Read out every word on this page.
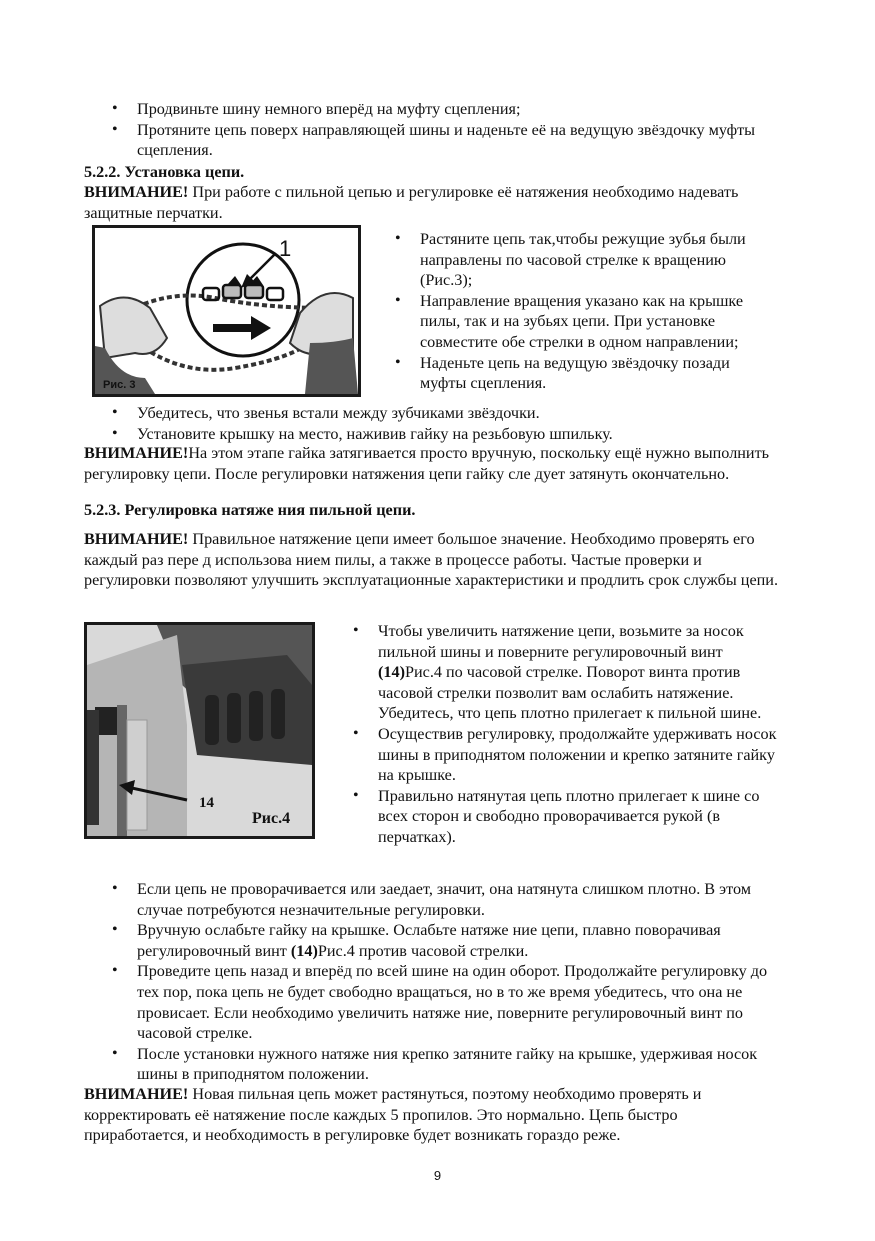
• Продвиньте шину немного вперёд на муфту сцепления;
• Протяните цепь поверх направляющей шины и наденьте её на ведущую звёздочку муфты сцепления.
5.2.2. Установка цепи.
ВНИМАНИЕ! При работе с пильной цепью и регулировке её натяжения необходимо надевать защитные перчатки.
1
Рис. 3
• Растяните цепь так,чтобы режущие зубья были направлены по часовой стрелке к вращению (Рис.3);
• Направление вращения указано как на крышке пилы, так и на зубьях цепи. При установке совместите обе стрелки в одном направлении;
• Наденьте цепь на ведущую звёздочку позади муфты сцепления.
• Убедитесь, что звенья встали между зубчиками звёздочки.
• Установите крышку на место, наживив гайку на резьбовую шпильку.
ВНИМАНИЕ!На этом этапе гайка затягивается просто вручную, поскольку ещё нужно выполнить регулировку цепи. После регулировки натяжения цепи гайку сле дует затянуть окончательно.
5.2.3. Регулировка натяже ния пильной цепи.
ВНИМАНИЕ! Правильное натяжение цепи имеет большое значение. Необходимо проверять его каждый раз пере д использова нием пилы, а также в процессе работы. Частые проверки и регулировки позволяют улучшить эксплуатационные характеристики и продлить срок службы цепи.
14
Рис.4
• Чтобы увеличить натяжение цепи, возьмите за носок пильной шины и поверните регулировочный винт (14)Рис.4 по часовой стрелке. Поворот винта против часовой стрелки позволит вам ослабить натяжение. Убедитесь, что цепь плотно прилегает к пильной шине.
• Осуществив регулировку, продолжайте удерживать носок шины в приподнятом положении и крепко затяните гайку на крышке.
• Правильно натянутая цепь плотно прилегает к шине со всех сторон и свободно проворачивается рукой (в перчатках).
• Если цепь не проворачивается или заедает, значит, она натянута слишком плотно. В этом случае потребуются незначительные регулировки.
• Вручную ослабьте гайку на крышке. Ослабьте натяже ние цепи, плавно поворачивая регулировочный винт (14)Рис.4 против часовой стрелки.
• Проведите цепь назад и вперёд по всей шине на один оборот. Продолжайте регулировку до тех пор, пока цепь не будет свободно вращаться, но в то же время убедитесь, что она не провисает. Если необходимо увеличить натяже ние, поверните регулировочный винт по часовой стрелке.
• После установки нужного натяже ния крепко затяните гайку на крышке, удерживая носок шины в приподнятом положении.
ВНИМАНИЕ! Новая пильная цепь может растянуться, поэтому необходимо проверять и корректировать её натяжение после каждых 5 пропилов. Это нормально. Цепь быстро приработается, и необходимость в регулировке будет возникать гораздо реже.
9
